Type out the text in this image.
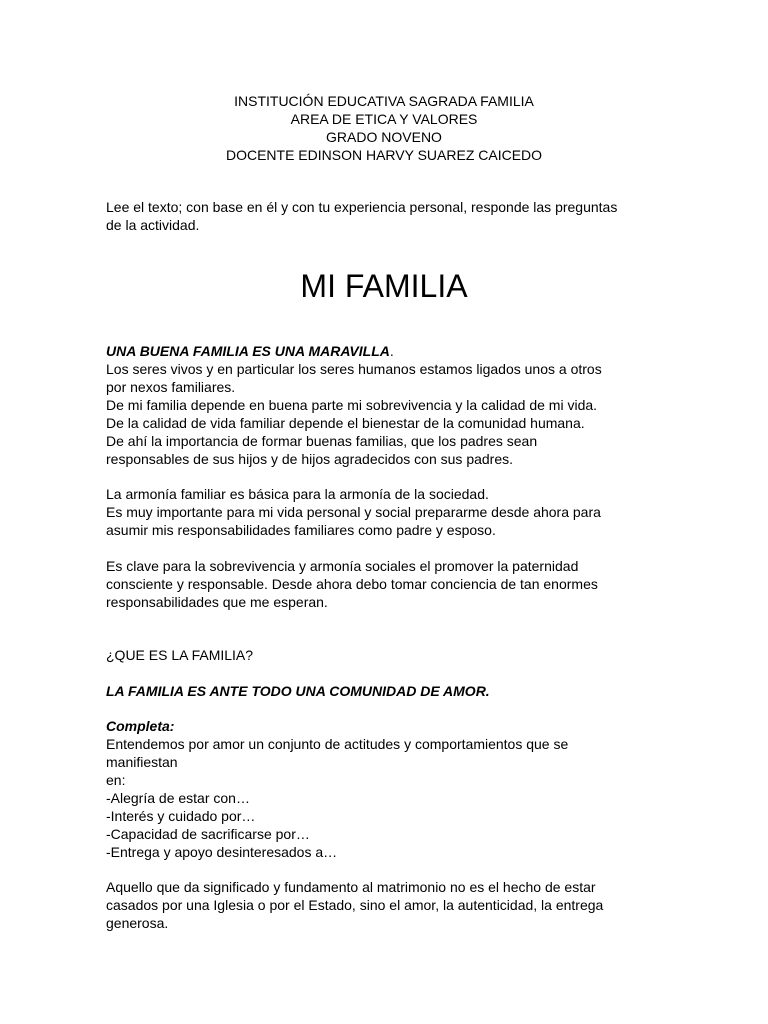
INSTITUCIÓN EDUCATIVA SAGRADA FAMILIA
AREA DE ETICA Y VALORES
GRADO NOVENO
DOCENTE EDINSON HARVY SUAREZ CAICEDO
Lee el texto; con base en él y con tu experiencia personal, responde las preguntas
de la actividad.
MI FAMILIA
UNA BUENA FAMILIA ES UNA MARAVILLA.
Los seres vivos y en particular los seres humanos estamos ligados unos a otros
por nexos familiares.
De mi familia depende en buena parte mi sobrevivencia y la calidad de mi vida.
De la calidad de vida familiar depende el bienestar de la comunidad humana.
De ahí la importancia de formar buenas familias, que los padres sean
responsables de sus hijos y de hijos agradecidos con sus padres.
La armonía familiar es básica para la armonía de la sociedad.
Es muy importante para mi vida personal y social prepararme desde ahora para
asumir mis responsabilidades familiares como padre y esposo.
Es clave para la sobrevivencia y armonía sociales el promover la paternidad
consciente y responsable. Desde ahora debo tomar conciencia de tan enormes
responsabilidades que me esperan.
¿QUE ES LA FAMILIA?
LA FAMILIA ES ANTE TODO UNA COMUNIDAD DE AMOR.
Completa:
Entendemos por amor un conjunto de actitudes y comportamientos que se
manifiestan
en:
-Alegría de estar con…
-Interés y cuidado por…
-Capacidad de sacrificarse por…
-Entrega y apoyo desinteresados a…
Aquello que da significado y fundamento al matrimonio no es el hecho de estar
casados por una Iglesia o por el Estado, sino el amor, la autenticidad, la entrega
generosa.
